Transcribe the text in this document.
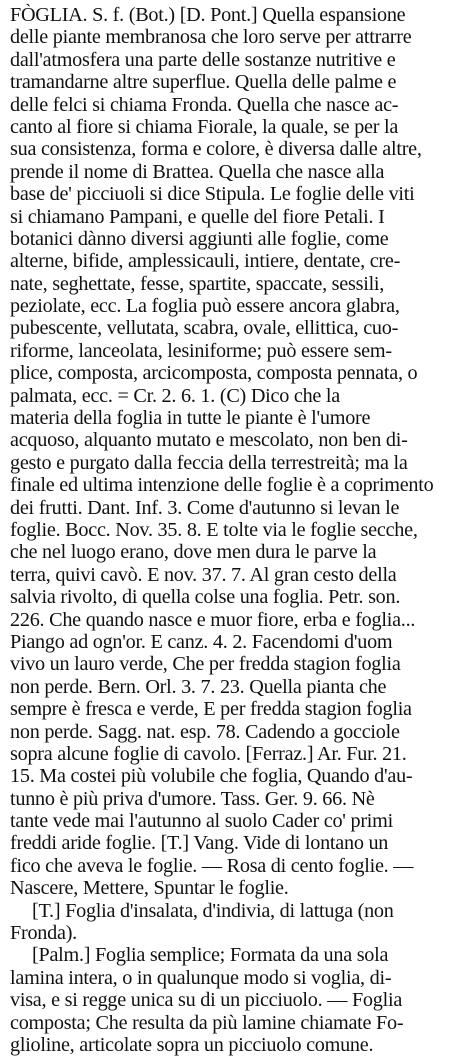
FÒGLIA. S. f. (Bot.) [D. Pont.] Quella espansione
delle piante membranosa che loro serve per attrarre
dall'atmosfera una parte delle sostanze nutritive e
tramandarne altre superflue. Quella delle palme e
delle felci si chiama Fronda. Quella che nasce ac-
canto al fiore si chiama Fiorale, la quale, se per la
sua consistenza, forma e colore, è diversa dalle altre,
prende il nome di Brattea. Quella che nasce alla
base de' picciuoli si dice Stipula. Le foglie delle viti
si chiamano Pampani, e quelle del fiore Petali. I
botanici dànno diversi aggiunti alle foglie, come
alterne, bifide, amplessicauli, intiere, dentate, cre-
nate, seghettate, fesse, spartite, spaccate, sessili,
peziolate, ecc. La foglia può essere ancora glabra,
pubescente, vellutata, scabra, ovale, ellittica, cuo-
riforme, lanceolata, lesiniforme; può essere sem-
plice, composta, arcicomposta, composta pennata, o
palmata, ecc. = Cr. 2. 6. 1. (C) Dico che la
materia della foglia in tutte le piante è l'umore
acquoso, alquanto mutato e mescolato, non ben di-
gesto e purgato dalla feccia della terrestreità; ma la
finale ed ultima intenzione delle foglie è a coprimento
dei frutti. Dant. Inf. 3. Come d'autunno si levan le
foglie. Bocc. Nov. 35. 8. E tolte via le foglie secche,
che nel luogo erano, dove men dura le parve la
terra, quivi cavò. E nov. 37. 7. Al gran cesto della
salvia rivolto, di quella colse una foglia. Petr. son.
226. Che quando nasce e muor fiore, erba e foglia...
Piango ad ogn'or. E canz. 4. 2. Facendomi d'uom
vivo un lauro verde, Che per fredda stagion foglia
non perde. Bern. Orl. 3. 7. 23. Quella pianta che
sempre è fresca e verde, E per fredda stagion foglia
non perde. Sagg. nat. esp. 78. Cadendo a gocciole
sopra alcune foglie di cavolo. [Ferraz.] Ar. Fur. 21.
15. Ma costei più volubile che foglia, Quando d'au-
tunno è più priva d'umore. Tass. Ger. 9. 66. Nè
tante vede mai l'autunno al suolo Cader co' primi
freddi aride foglie. [T.] Vang. Vide di lontano un
fico che aveva le foglie. — Rosa di cento foglie. —
Nascere, Mettere, Spuntar le foglie.
[T.] Foglia d'insalata, d'indivia, di lattuga (non
Fronda).
[Palm.] Foglia semplice; Formata da una sola
lamina intera, o in qualunque modo si voglia, di-
visa, e si regge unica su di un picciuolo. — Foglia
composta; Che resulta da più lamine chiamate Fo-
glioline, articolate sopra un picciuolo comune.
